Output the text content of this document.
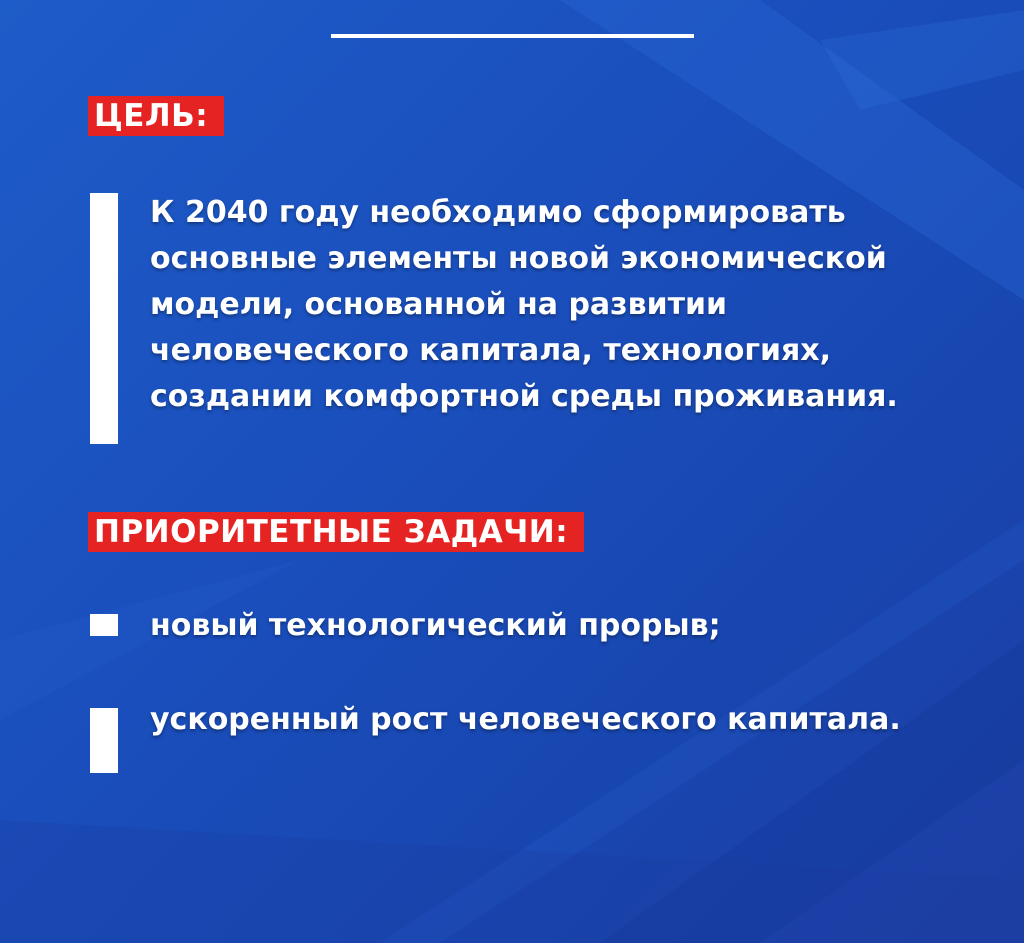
ЦЕЛЬ:

К 2040 году необходимо сформировать основные элементы новой экономической модели, основанной на развитии человеческого капитала, технологиях, создании комфортной среды проживания.

ПРИОРИТЕТНЫЕ ЗАДАЧИ:

новый технологический прорыв;

ускоренный рост человеческого капитала.
